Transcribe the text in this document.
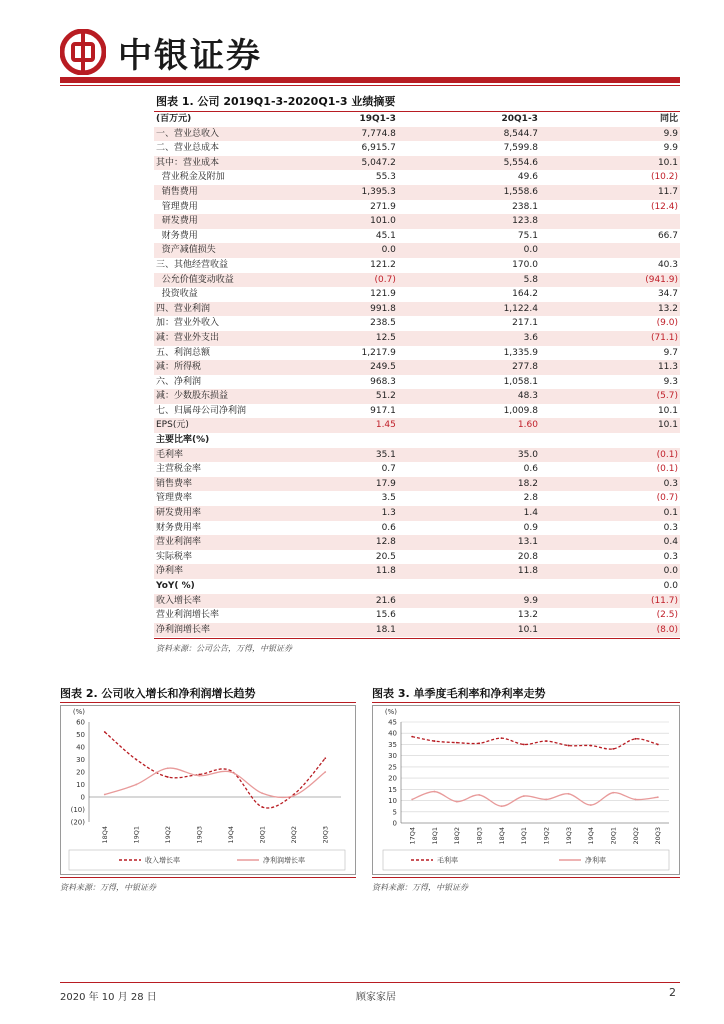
中银证券
图表 1. 公司 2019Q1-3-2020Q1-3 业绩摘要
(百万元)	19Q1-3	20Q1-3	同比
一、营业总收入	7,774.8	8,544.7	9.9
二、营业总成本	6,915.7	7,599.8	9.9
其中：营业成本	5,047.2	5,554.6	10.1
营业税金及附加	55.3	49.6	(10.2)
销售费用	1,395.3	1,558.6	11.7
管理费用	271.9	238.1	(12.4)
研发费用	101.0	123.8	
财务费用	45.1	75.1	66.7
资产减值损失	0.0	0.0	
三、其他经营收益	121.2	170.0	40.3
公允价值变动收益	(0.7)	5.8	(941.9)
投资收益	121.9	164.2	34.7
四、营业利润	991.8	1,122.4	13.2
加：营业外收入	238.5	217.1	(9.0)
减：营业外支出	12.5	3.6	(71.1)
五、利润总额	1,217.9	1,335.9	9.7
减：所得税	249.5	277.8	11.3
六、净利润	968.3	1,058.1	9.3
减：少数股东损益	51.2	48.3	(5.7)
七、归属母公司净利润	917.1	1,009.8	10.1
EPS(元)	1.45	1.60	10.1
主要比率(%)			
毛利率	35.1	35.0	(0.1)
主营税金率	0.7	0.6	(0.1)
销售费率	17.9	18.2	0.3
管理费率	3.5	2.8	(0.7)
研发费用率	1.3	1.4	0.1
财务费用率	0.6	0.9	0.3
营业利润率	12.8	13.1	0.4
实际税率	20.5	20.8	0.3
净利率	11.8	11.8	0.0
YoY( %)			0.0
收入增长率	21.6	9.9	(11.7)
营业利润增长率	15.6	13.2	(2.5)
净利润增长率	18.1	10.1	(8.0)
资料来源：公司公告，万得，中银证券
图表 2. 公司收入增长和净利润增长趋势
(%)
60
50
40
30
20
10
0
(10)
(20)
18Q4	19Q1	19Q2	19Q3	19Q4	20Q1	20Q2	20Q3
收入增长率	净利润增长率
资料来源：万得，中银证券
图表 3. 单季度毛利率和净利率走势
(%)
45
40
35
30
25
20
15
10
5
0
17Q4 18Q1 18Q2 18Q3 18Q4 19Q1 19Q2 19Q3 19Q4 20Q1 20Q2 20Q3
毛利率	净利率
资料来源：万得，中银证券
2020 年 10 月 28 日	顾家家居	2
